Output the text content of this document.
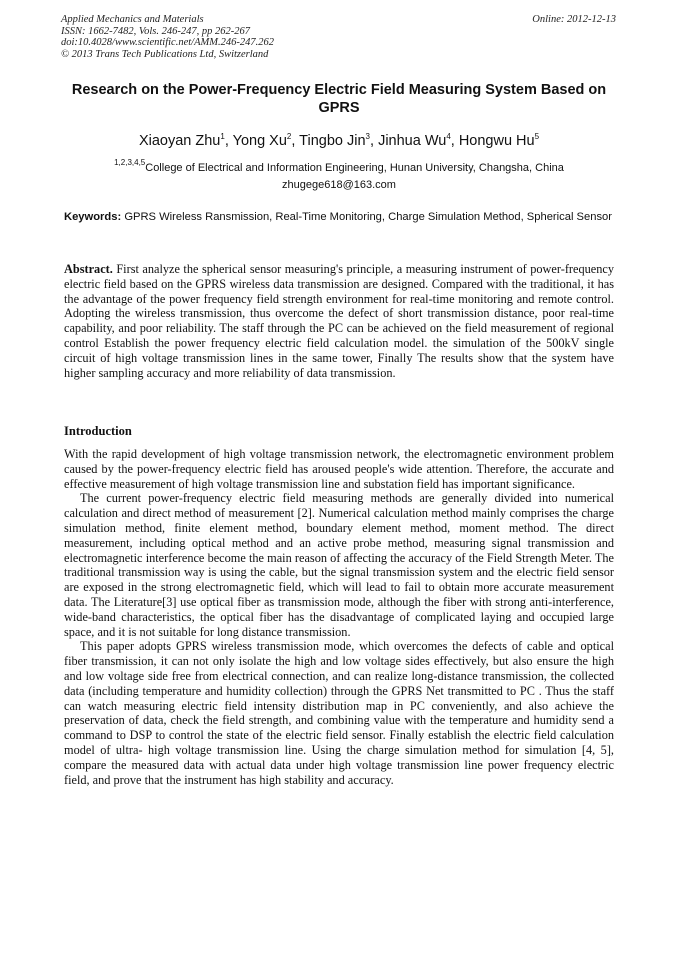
Applied Mechanics and Materials
ISSN: 1662-7482, Vols. 246-247, pp 262-267
doi:10.4028/www.scientific.net/AMM.246-247.262
© 2013 Trans Tech Publications Ltd, Switzerland
Online: 2012-12-13
Research on the Power-Frequency Electric Field Measuring System Based on GPRS
Xiaoyan Zhu$^1$, Yong Xu$^2$, Tingbo Jin$^3$, Jinhua Wu$^4$, Hongwu Hu$^5$
$^{1,2,3,4,5}$College of Electrical and Information Engineering, Hunan University, Changsha, China
zhugege618@163.com
Keywords: GPRS Wireless Ransmission, Real-Time Monitoring, Charge Simulation Method, Spherical Sensor
Abstract. First analyze the spherical sensor measuring's principle, a measuring instrument of power-frequency electric field based on the GPRS wireless data transmission are designed. Compared with the traditional, it has the advantage of the power frequency field strength environment for real-time monitoring and remote control. Adopting the wireless transmission, thus overcome the defect of short transmission distance, poor real-time capability, and poor reliability. The staff through the PC can be achieved on the field measurement of regional control Establish the power frequency electric field calculation model. the simulation of the 500kV single circuit of high voltage transmission lines in the same tower, Finally The results show that the system have higher sampling accuracy and more reliability of data transmission.
Introduction

With the rapid development of high voltage transmission network, the electromagnetic environment problem caused by the power-frequency electric field has aroused people's wide attention. Therefore, the accurate and effective measurement of high voltage transmission line and substation field has important significance.

The current power-frequency electric field measuring methods are generally divided into numerical calculation and direct method of measurement [2]. Numerical calculation method mainly comprises the charge simulation method, finite element method, boundary element method, moment method. The direct measurement, including optical method and an active probe method, measuring signal transmission and electromagnetic interference become the main reason of affecting the accuracy of the Field Strength Meter. The traditional transmission way is using the cable, but the signal transmission system and the electric field sensor are exposed in the strong electromagnetic field, which will lead to fail to obtain more accurate measurement data. The Literature[3] use optical fiber as transmission mode, although the fiber with strong anti-interference, wide-band characteristics, the optical fiber has the disadvantage of complicated laying and occupied large space, and it is not suitable for long distance transmission.

This paper adopts GPRS wireless transmission mode, which overcomes the defects of cable and optical fiber transmission, it can not only isolate the high and low voltage sides effectively, but also ensure the high and low voltage side free from electrical connection, and can realize long-distance transmission, the collected data (including temperature and humidity collection) through the GPRS Net transmitted to PC . Thus the staff can watch measuring electric field intensity distribution map in PC conveniently, and also achieve the preservation of data, check the field strength, and combining value with the temperature and humidity send a command to DSP to control the state of the electric field sensor. Finally establish the electric field calculation model of ultra- high voltage transmission line. Using the charge simulation method for simulation [4, 5], compare the measured data with actual data under high voltage transmission line power frequency electric field, and prove that the instrument has high stability and accuracy.
